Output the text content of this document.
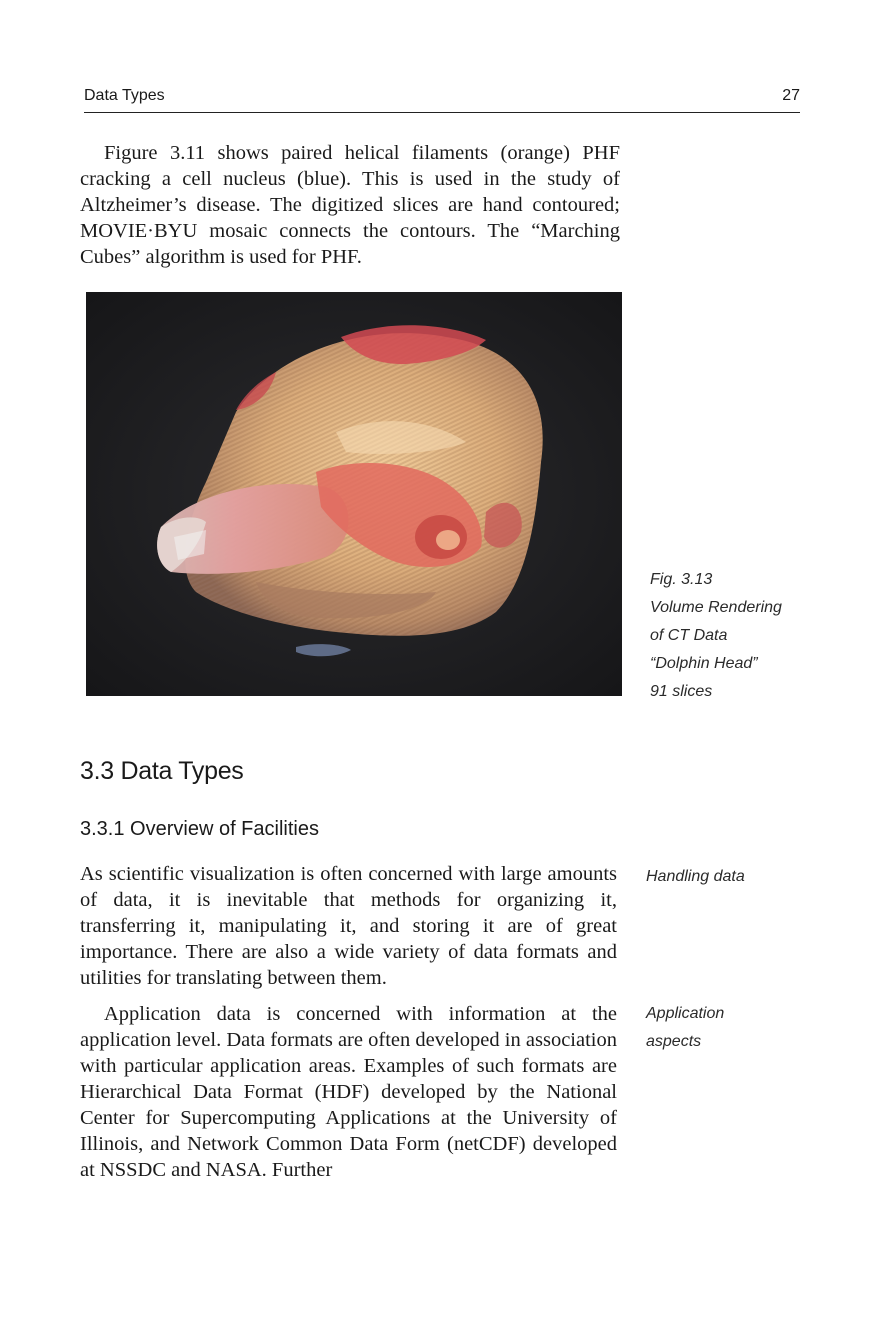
Data Types	27

Figure 3.11 shows paired helical filaments (orange) PHF cracking a cell nucleus (blue). This is used in the study of Altzheimer’s disease. The digitized slices are hand contoured; MOVIE·BYU mosaic connects the contours. The “Marching Cubes” algorithm is used for PHF.

Fig. 3.13
Volume Rendering
of CT Data
“Dolphin Head”
91 slices
3.3 Data Types
3.3.1 Overview of Facilities

As scientific visualization is often concerned with large amounts of data, it is inevitable that methods for organizing it, transferring it, manipulating it, and storing it are of great importance. There are also a wide variety of data formats and utilities for translating between them.

Application data is concerned with information at the application level. Data formats are often developed in association with particular application areas. Examples of such formats are Hierarchical Data Format (HDF) developed by the National Center for Supercomputing Applications at the University of Illinois, and Network Common Data Form (netCDF) developed at NSSDC and NASA. Further

Handling data
Application
aspects
